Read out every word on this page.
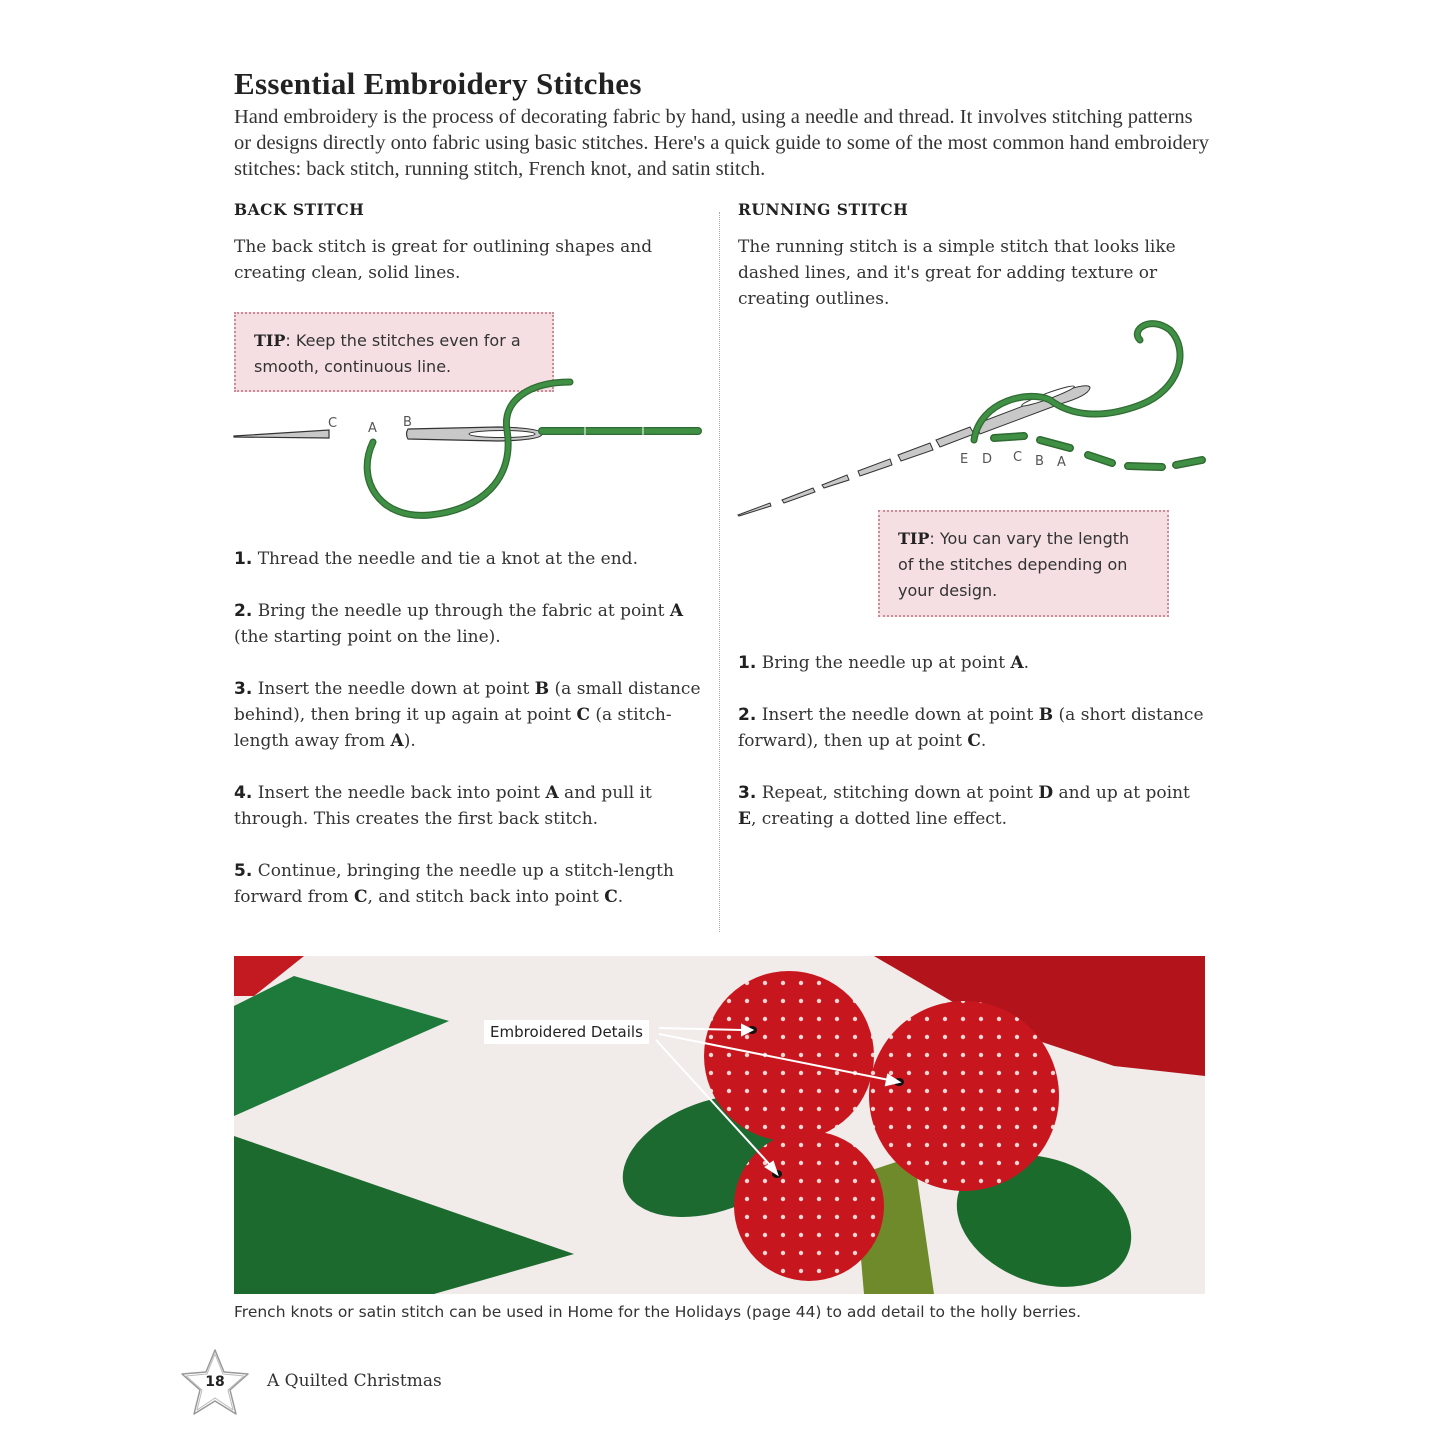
Essential Embroidery Stitches
Hand embroidery is the process of decorating fabric by hand, using a needle and thread. It involves stitching patterns or designs directly onto fabric using basic stitches. Here's a quick guide to some of the most common hand embroidery stitches: back stitch, running stitch, French knot, and satin stitch.
BACK STITCH
The back stitch is great for outlining shapes and creating clean, solid lines.
TIP: Keep the stitches even for a smooth, continuous line.
C A B
1. Thread the needle and tie a knot at the end.
2. Bring the needle up through the fabric at point A (the starting point on the line).
3. Insert the needle down at point B (a small distance behind), then bring it up again at point C (a stitch-length away from A).
4. Insert the needle back into point A and pull it through. This creates the first back stitch.
5. Continue, bringing the needle up a stitch-length forward from C, and stitch back into point C.
RUNNING STITCH
The running stitch is a simple stitch that looks like dashed lines, and it's great for adding texture or creating outlines.
E D C B A
TIP: You can vary the length of the stitches depending on your design.
1. Bring the needle up at point A.
2. Insert the needle down at point B (a short distance forward), then up at point C.
3. Repeat, stitching down at point D and up at point E, creating a dotted line effect.
Embroidered Details
French knots or satin stitch can be used in Home for the Holidays (page 44) to add detail to the holly berries.
18	A Quilted Christmas
